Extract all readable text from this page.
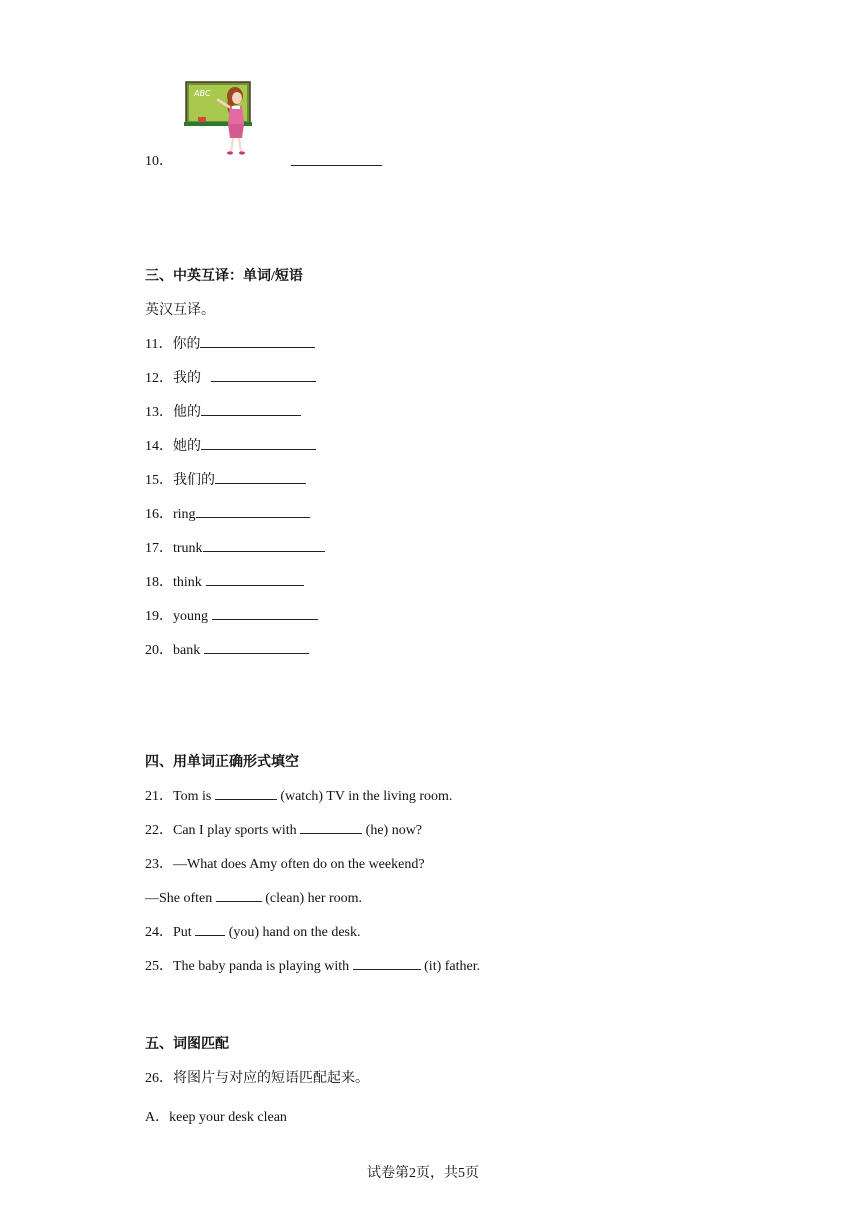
ABC
10．
三、中英互译：单词/短语
英汉互译。
11．你的
12．我的
13．他的
14．她的
15．我们的
16．ring
17．trunk
18．think
19．young
20．bank
四、用单词正确形式填空
21．Tom is	(watch) TV in the living room.
22．Can I play sports with	(he) now?
23．—What does Amy often do on the weekend?
—She often	(clean) her room.
24．Put	(you) hand on the desk.
25．The baby panda is playing with	(it) father.
五、词图匹配
26．将图片与对应的短语匹配起来。
A．keep your desk clean
试卷第2页，共5页
